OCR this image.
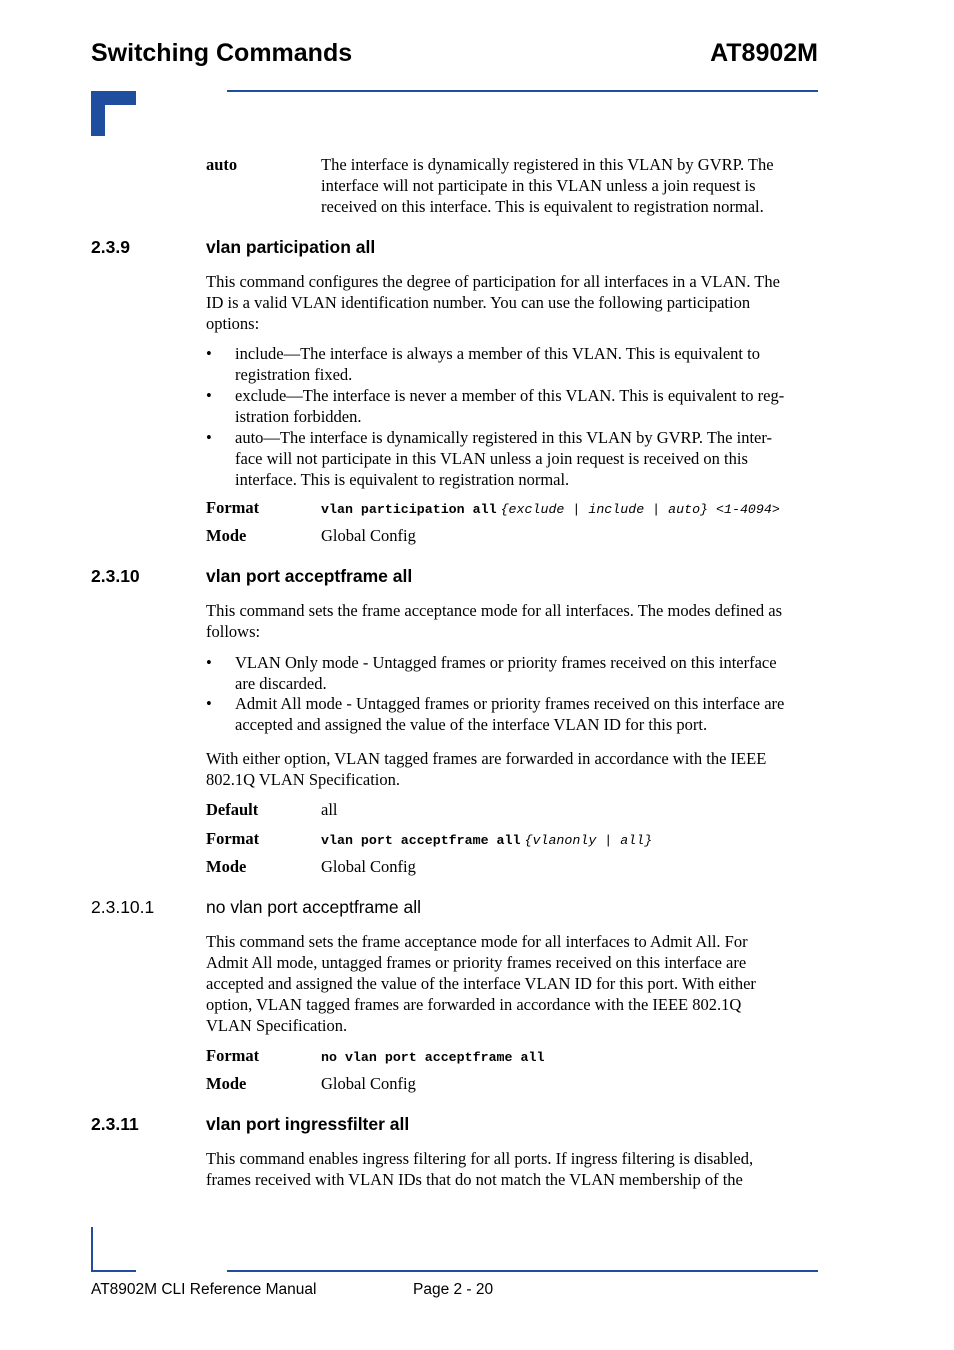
Switching Commands	AT8902M
auto	The interface is dynamically registered in this VLAN by GVRP. The
interface will not participate in this VLAN unless a join request is
received on this interface. This is equivalent to registration normal.
2.3.9	vlan participation all
This command configures the degree of participation for all interfaces in a VLAN. The
ID is a valid VLAN identification number. You can use the following participation
options:
• include—The interface is always a member of this VLAN. This is equivalent to
registration fixed.
• exclude—The interface is never a member of this VLAN. This is equivalent to reg-
istration forbidden.
• auto—The interface is dynamically registered in this VLAN by GVRP. The inter-
face will not participate in this VLAN unless a join request is received on this
interface. This is equivalent to registration normal.
Format	vlan participation all {exclude | include | auto} <1-4094>
Mode	Global Config
2.3.10	vlan port acceptframe all
This command sets the frame acceptance mode for all interfaces. The modes defined as
follows:
• VLAN Only mode - Untagged frames or priority frames received on this interface
are discarded.
• Admit All mode - Untagged frames or priority frames received on this interface are
accepted and assigned the value of the interface VLAN ID for this port.
With either option, VLAN tagged frames are forwarded in accordance with the IEEE
802.1Q VLAN Specification.
Default	all
Format	vlan port acceptframe all {vlanonly | all}
Mode	Global Config
2.3.10.1	no vlan port acceptframe all
This command sets the frame acceptance mode for all interfaces to Admit All. For
Admit All mode, untagged frames or priority frames received on this interface are
accepted and assigned the value of the interface VLAN ID for this port. With either
option, VLAN tagged frames are forwarded in accordance with the IEEE 802.1Q
VLAN Specification.
Format	no vlan port acceptframe all
Mode	Global Config
2.3.11	vlan port ingressfilter all
This command enables ingress filtering for all ports. If ingress filtering is disabled,
frames received with VLAN IDs that do not match the VLAN membership of the
AT8902M CLI Reference Manual	Page 2 - 20
